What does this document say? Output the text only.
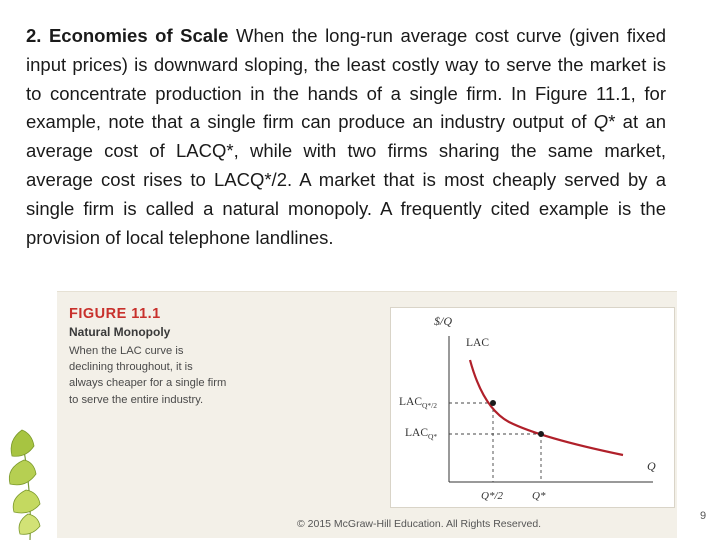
2. Economies of Scale When the long-run average cost curve (given fixed input prices) is downward sloping, the least costly way to serve the market is to concentrate production in the hands of a single firm. In Figure 11.1, for example, note that a single firm can produce an industry output of Q* at an average cost of LACQ*, while with two firms sharing the same market, average cost rises to LACQ*/2. A market that is most cheaply served by a single firm is called a natural monopoly. A frequently cited example is the provision of local telephone landlines.

FIGURE 11.1
Natural Monopoly
When the LAC curve is declining throughout, it is always cheaper for a single firm to serve the entire industry.
$/Q
LAC
$LAC_{Q*/2}$
$LAC_{Q*}$
Q
Q*/2	Q*
© 2015 McGraw-Hill Education. All Rights Reserved.
9
